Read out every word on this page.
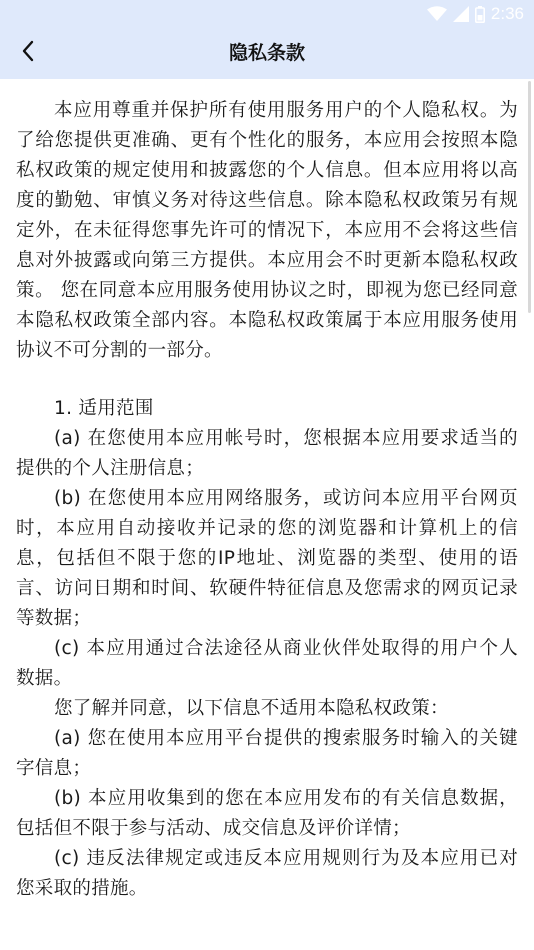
2:36
隐私条款

本应用尊重并保护所有使用服务用户的个人隐私权。为了给您提供更准确、更有个性化的服务，本应用会按照本隐私权政策的规定使用和披露您的个人信息。但本应用将以高度的勤勉、审慎义务对待这些信息。除本隐私权政策另有规定外，在未征得您事先许可的情况下，本应用不会将这些信息对外披露或向第三方提供。本应用会不时更新本隐私权政策。 您在同意本应用服务使用协议之时，即视为您已经同意本隐私权政策全部内容。本隐私权政策属于本应用服务使用协议不可分割的一部分。

1. 适用范围

(a) 在您使用本应用帐号时，您根据本应用要求适当的提供的个人注册信息；

(b) 在您使用本应用网络服务，或访问本应用平台网页时，本应用自动接收并记录的您的浏览器和计算机上的信息，包括但不限于您的IP地址、浏览器的类型、使用的语言、访问日期和时间、软硬件特征信息及您需求的网页记录等数据；

(c) 本应用通过合法途径从商业伙伴处取得的用户个人数据。

您了解并同意，以下信息不适用本隐私权政策：

(a) 您在使用本应用平台提供的搜索服务时输入的关键字信息；

(b) 本应用收集到的您在本应用发布的有关信息数据，包括但不限于参与活动、成交信息及评价详情；

(c) 违反法律规定或违反本应用规则行为及本应用已对您采取的措施。
